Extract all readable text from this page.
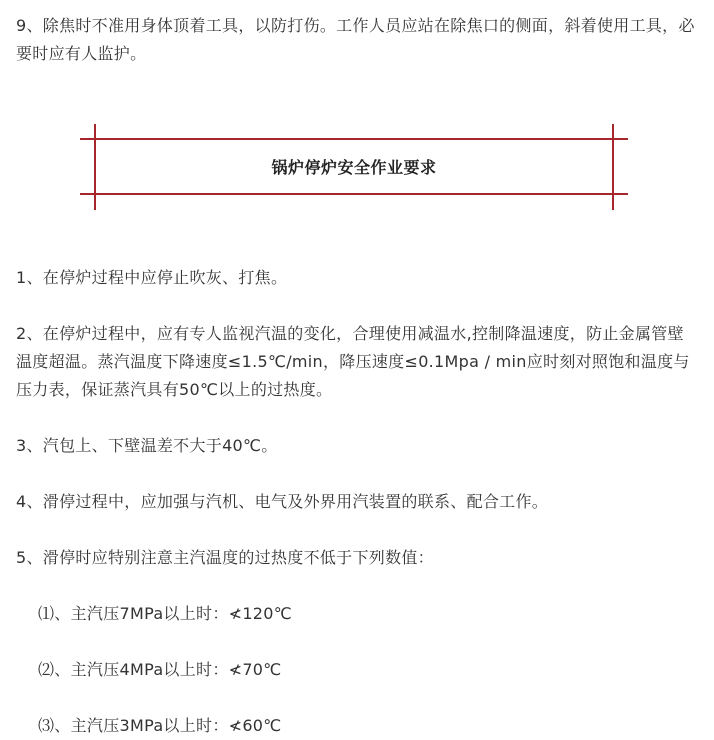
9、除焦时不准用身体顶着工具，以防打伤。工作人员应站在除焦口的侧面，斜着使用工具，必要时应有人监护。

锅炉停炉安全作业要求

1、在停炉过程中应停止吹灰、打焦。

2、在停炉过程中，应有专人监视汽温的变化，合理使用减温水,控制降温速度，防止金属管壁温度超温。蒸汽温度下降速度≤1.5℃/min，降压速度≤0.1Mpa / min应时刻对照饱和温度与压力表，保证蒸汽具有50℃以上的过热度。

3、汽包上、下壁温差不大于40℃。

4、滑停过程中，应加强与汽机、电气及外界用汽装置的联系、配合工作。

5、滑停时应特别注意主汽温度的过热度不低于下列数值：

⑴、主汽压7MPa以上时：≮120℃

⑵、主汽压4MPa以上时：≮70℃

⑶、主汽压3MPa以上时：≮60℃
